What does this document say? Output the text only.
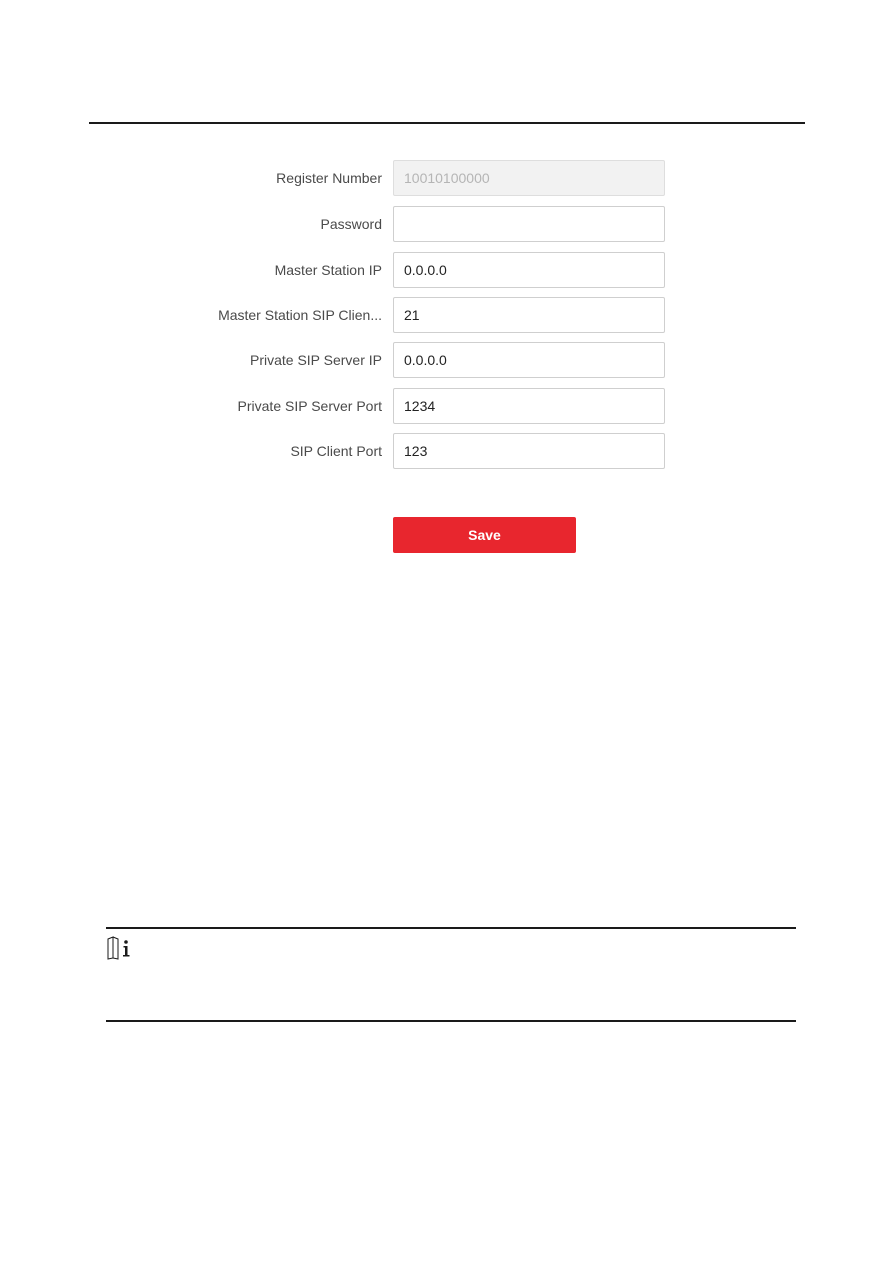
Register Number
10010100000
Password
Master Station IP
0.0.0.0
Master Station SIP Clien...
21
Private SIP Server IP
0.0.0.0
Private SIP Server Port
1234
SIP Client Port
123
Save
